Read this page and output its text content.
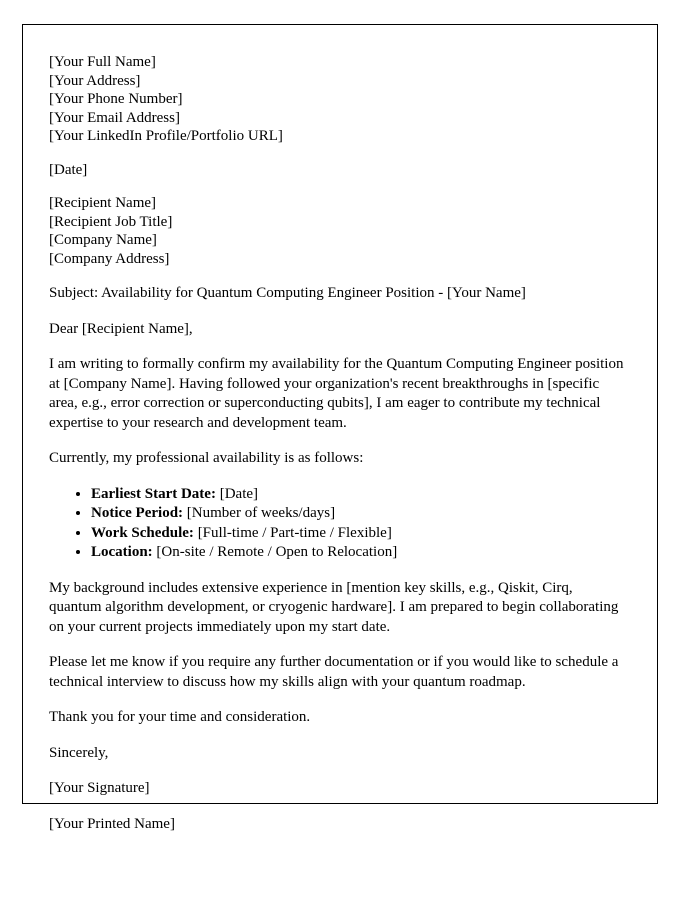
[Your Full Name]
[Your Address]
[Your Phone Number]
[Your Email Address]
[Your LinkedIn Profile/Portfolio URL]
[Date]
[Recipient Name]
[Recipient Job Title]
[Company Name]
[Company Address]

Subject: Availability for Quantum Computing Engineer Position - [Your Name]

Dear [Recipient Name],

I am writing to formally confirm my availability for the Quantum Computing Engineer position at [Company Name]. Having followed your organization's recent breakthroughs in [specific area, e.g., error correction or superconducting qubits], I am eager to contribute my technical expertise to your research and development team.

Currently, my professional availability is as follows:

• Earliest Start Date: [Date]
• Notice Period: [Number of weeks/days]
• Work Schedule: [Full-time / Part-time / Flexible]
• Location: [On-site / Remote / Open to Relocation]

My background includes extensive experience in [mention key skills, e.g., Qiskit, Cirq, quantum algorithm development, or cryogenic hardware]. I am prepared to begin collaborating on your current projects immediately upon my start date.

Please let me know if you require any further documentation or if you would like to schedule a technical interview to discuss how my skills align with your quantum roadmap.

Thank you for your time and consideration.

Sincerely,

[Your Signature]

[Your Printed Name]
